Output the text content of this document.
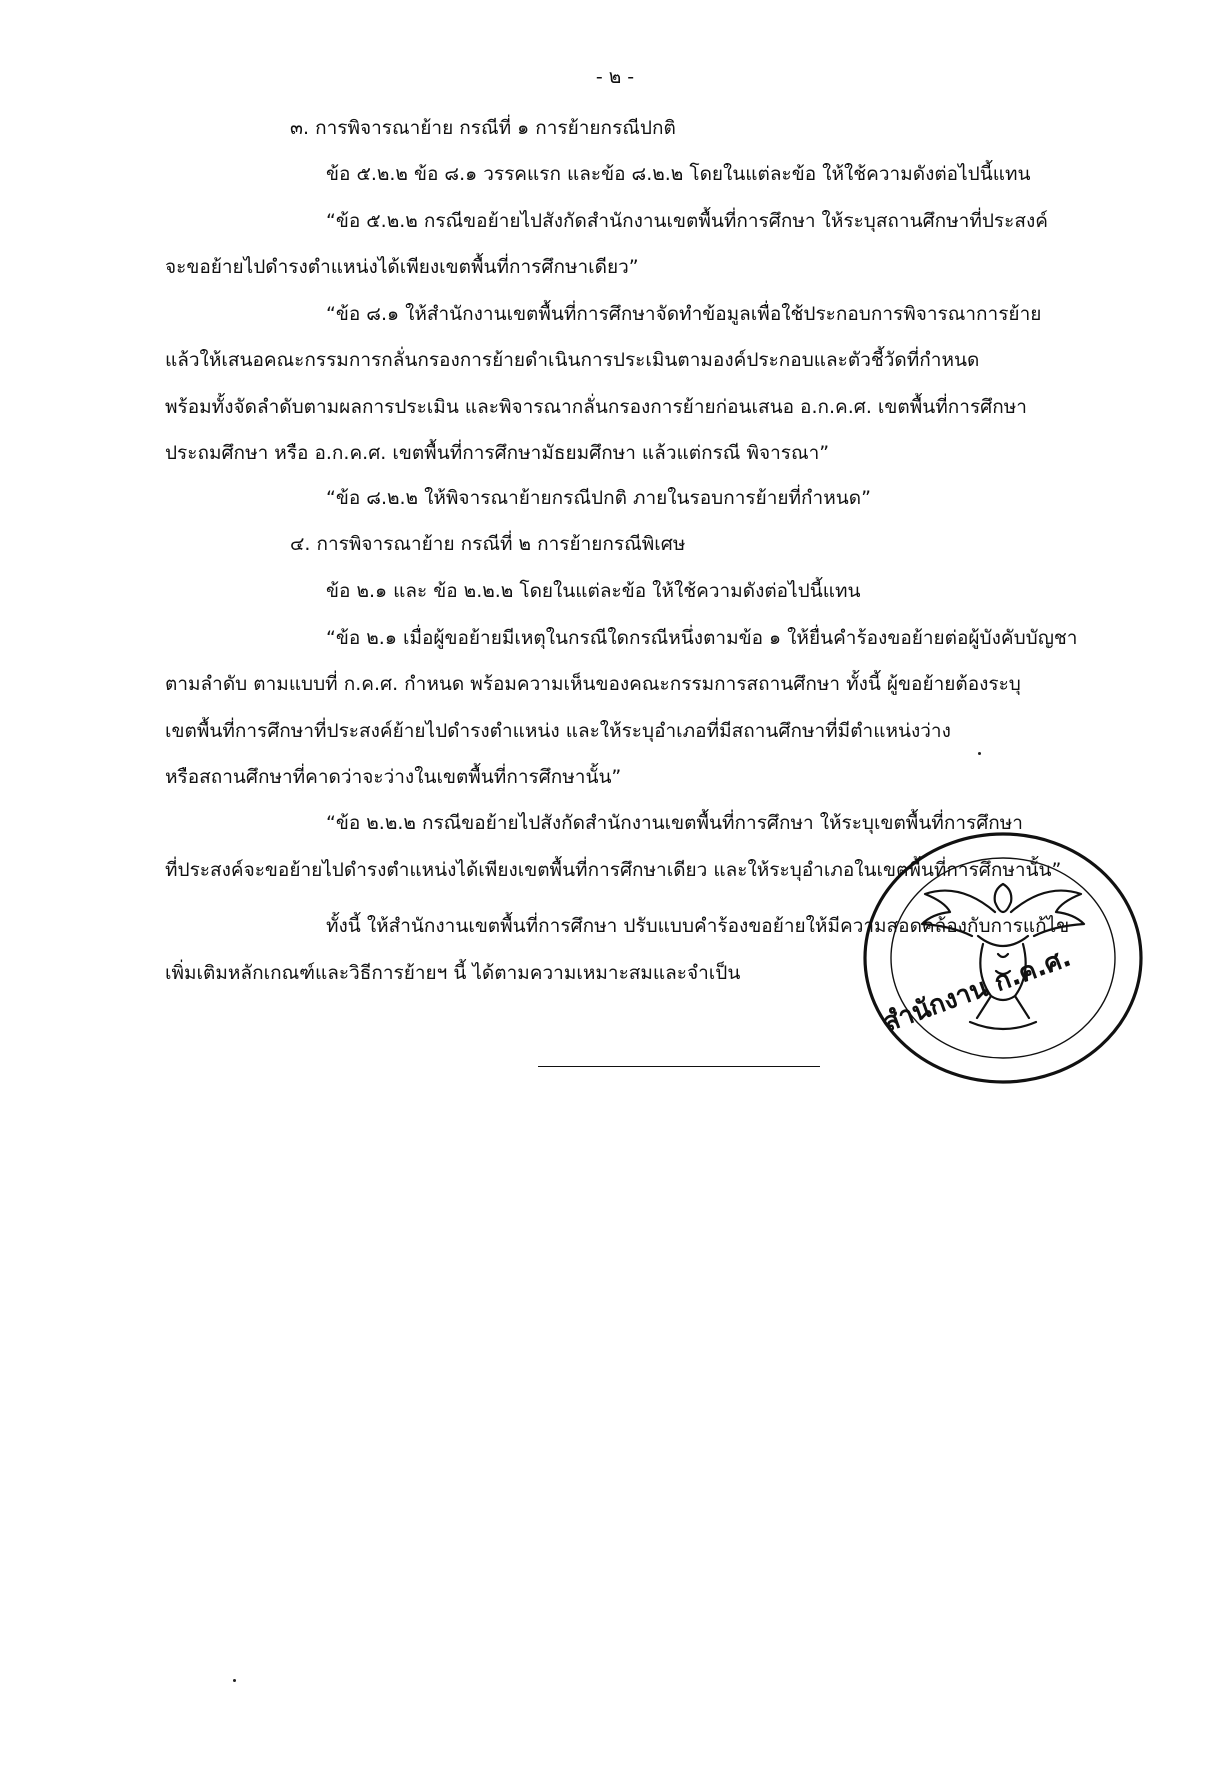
- ๒ -
๓. การพิจารณาย้าย กรณีที่ ๑ การย้ายกรณีปกติ
ข้อ ๕.๒.๒ ข้อ ๘.๑ วรรคแรก และข้อ ๘.๒.๒ โดยในแต่ละข้อ ให้ใช้ความดังต่อไปนี้แทน
“ข้อ ๕.๒.๒ กรณีขอย้ายไปสังกัดสำนักงานเขตพื้นที่การศึกษา ให้ระบุสถานศึกษาที่ประสงค์
จะขอย้ายไปดำรงตำแหน่งได้เพียงเขตพื้นที่การศึกษาเดียว”
“ข้อ ๘.๑ ให้สำนักงานเขตพื้นที่การศึกษาจัดทำข้อมูลเพื่อใช้ประกอบการพิจารณาการย้าย
แล้วให้เสนอคณะกรรมการกลั่นกรองการย้ายดำเนินการประเมินตามองค์ประกอบและตัวชี้วัดที่กำหนด
พร้อมทั้งจัดลำดับตามผลการประเมิน และพิจารณากลั่นกรองการย้ายก่อนเสนอ อ.ก.ค.ศ. เขตพื้นที่การศึกษา
ประถมศึกษา หรือ อ.ก.ค.ศ. เขตพื้นที่การศึกษามัธยมศึกษา แล้วแต่กรณี พิจารณา”
“ข้อ ๘.๒.๒ ให้พิจารณาย้ายกรณีปกติ ภายในรอบการย้ายที่กำหนด”
๔. การพิจารณาย้าย กรณีที่ ๒ การย้ายกรณีพิเศษ
ข้อ ๒.๑ และ ข้อ ๒.๒.๒ โดยในแต่ละข้อ ให้ใช้ความดังต่อไปนี้แทน
“ข้อ ๒.๑ เมื่อผู้ขอย้ายมีเหตุในกรณีใดกรณีหนึ่งตามข้อ ๑ ให้ยื่นคำร้องขอย้ายต่อผู้บังคับบัญชา
ตามลำดับ ตามแบบที่ ก.ค.ศ. กำหนด พร้อมความเห็นของคณะกรรมการสถานศึกษา ทั้งนี้ ผู้ขอย้ายต้องระบุ
เขตพื้นที่การศึกษาที่ประสงค์ย้ายไปดำรงตำแหน่ง และให้ระบุอำเภอที่มีสถานศึกษาที่มีตำแหน่งว่าง
หรือสถานศึกษาที่คาดว่าจะว่างในเขตพื้นที่การศึกษานั้น”
“ข้อ ๒.๒.๒ กรณีขอย้ายไปสังกัดสำนักงานเขตพื้นที่การศึกษา ให้ระบุเขตพื้นที่การศึกษา
ที่ประสงค์จะขอย้ายไปดำรงตำแหน่งได้เพียงเขตพื้นที่การศึกษาเดียว และให้ระบุอำเภอในเขตพื้นที่การศึกษานั้น”
ทั้งนี้ ให้สำนักงานเขตพื้นที่การศึกษา ปรับแบบคำร้องขอย้ายให้มีความสอดคล้องกับการแก้ไข
เพิ่มเติมหลักเกณฑ์และวิธีการย้ายฯ นี้ ได้ตามความเหมาะสมและจำเป็น	สำนักงาน ก.ค.ศ.
